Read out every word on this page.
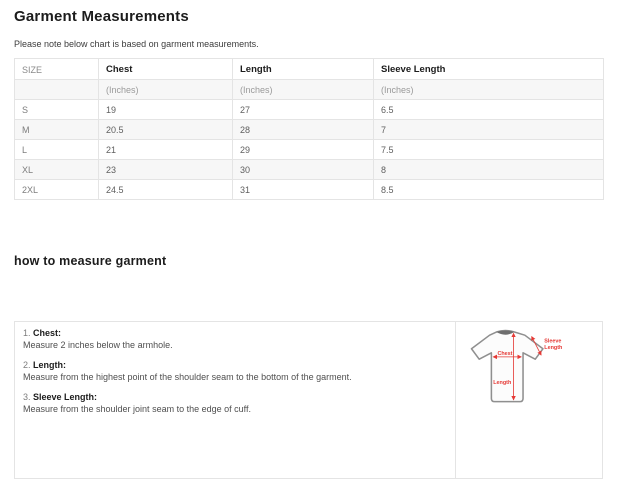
Garment Measurements

Please note below chart is based on garment measurements.

SIZE	Chest	Length	Sleeve Length
	(Inches)	(Inches)	(Inches)
S	19	27	6.5
M	20.5	28	7
L	21	29	7.5
XL	23	30	8
2XL	24.5	31	8.5
how to measure garment
1. Chest:
Measure 2 inches below the armhole.
2. Length:
Measure from the highest point of the shoulder seam to the bottom of the garment.
3. Sleeve Length:
Measure from the shoulder joint seam to the edge of cuff.
Chest
Length
Sleeve
Length
